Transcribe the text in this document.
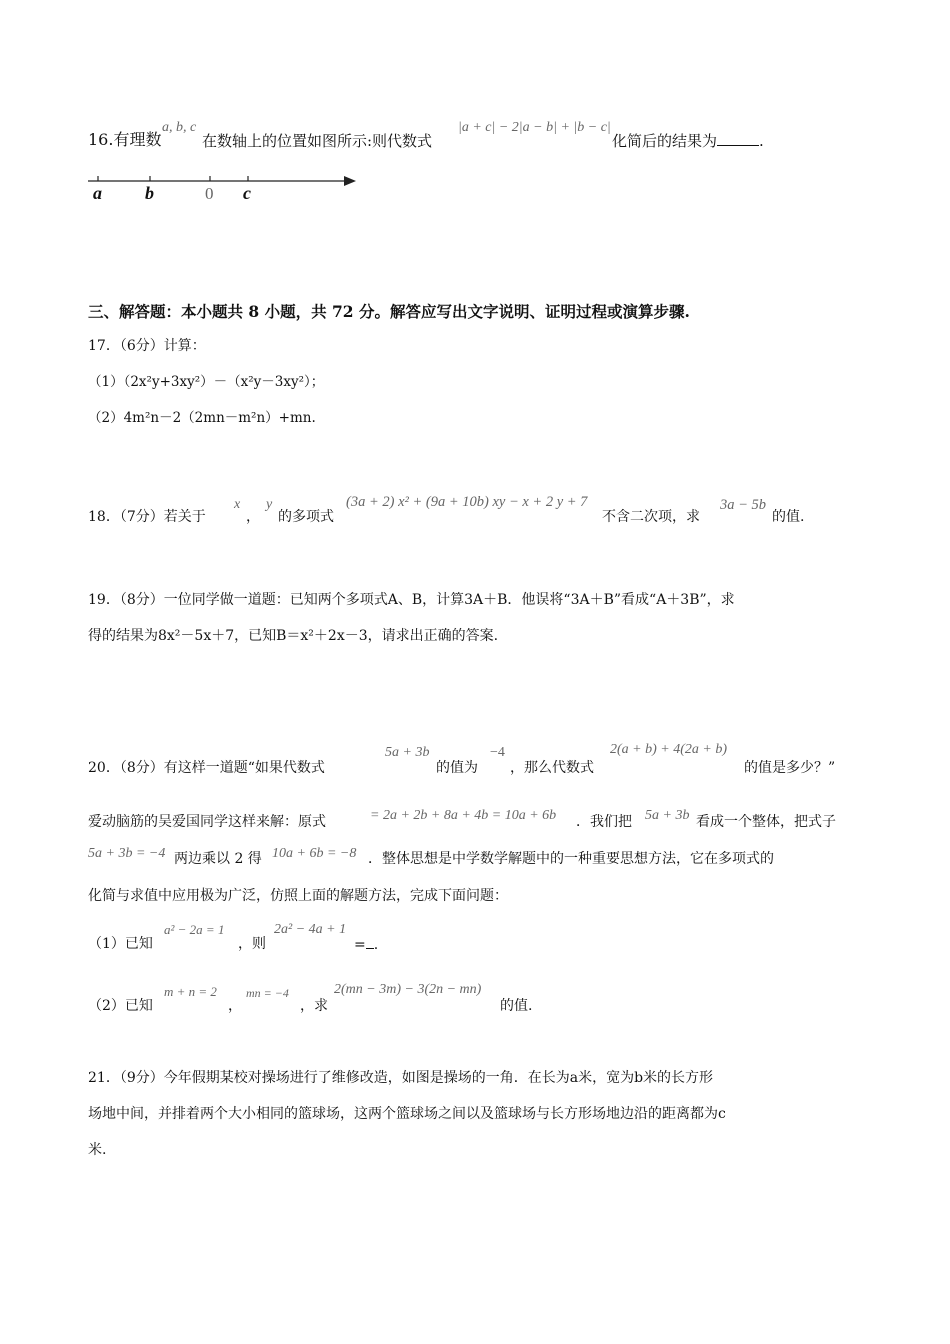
16.有理数
a, b, c
在数轴上的位置如图所示:则代数式
|a + c| − 2|a − b| + |b − c|
化简后的结果为	.
a b	0 c
三、解答题：本小题共 8 小题，共 72 分。解答应写出文字说明、证明过程或演算步骤.
17．（6分）计算：
（1）（2x²y+3xy²）－（x²y－3xy²）；
（2）4m²n－2（2mn－m²n）+mn.
18．（7分）若关于
x
，
y
的多项式
(3a + 2) x² + (9a + 10b) xy − x + 2 y + 7
不含二次项，求
3a − 5b
的值.
19．（8分）一位同学做一道题：已知两个多项式A、B，计算3A＋B．他误将“3A＋B”看成“A＋3B”，求
得的结果为8x²－5x＋7，已知B＝x²＋2x－3，请求出正确的答案.
20．（8分）有这样一道题“如果代数式
5a + 3b
的值为
−4
，那么代数式
2(a + b) + 4(2a + b)
的值是多少？”
爱动脑筋的吴爱国同学这样来解：原式	= 2a + 2b + 8a + 4b = 10a + 6b ．我们把 5a + 3b 看成一个整体，把式子
5a + 3b = −4 两边乘以 2 得 10a + 6b = −8 ．整体思想是中学数学解题中的一种重要思想方法，它在多项式的
化简与求值中应用极为广泛，仿照上面的解题方法，完成下面问题：
（1）已知
a² − 2a = 1
，则
2a² − 4a + 1
= .
（2）已知
m + n = 2
，
mn = −4
，求
2(mn − 3m) − 3(2n − mn)
的值.
21．（9分）今年假期某校对操场进行了维修改造，如图是操场的一角．在长为a米，宽为b米的长方形
场地中间，并排着两个大小相同的篮球场，这两个篮球场之间以及篮球场与长方形场地边沿的距离都为c
米.
